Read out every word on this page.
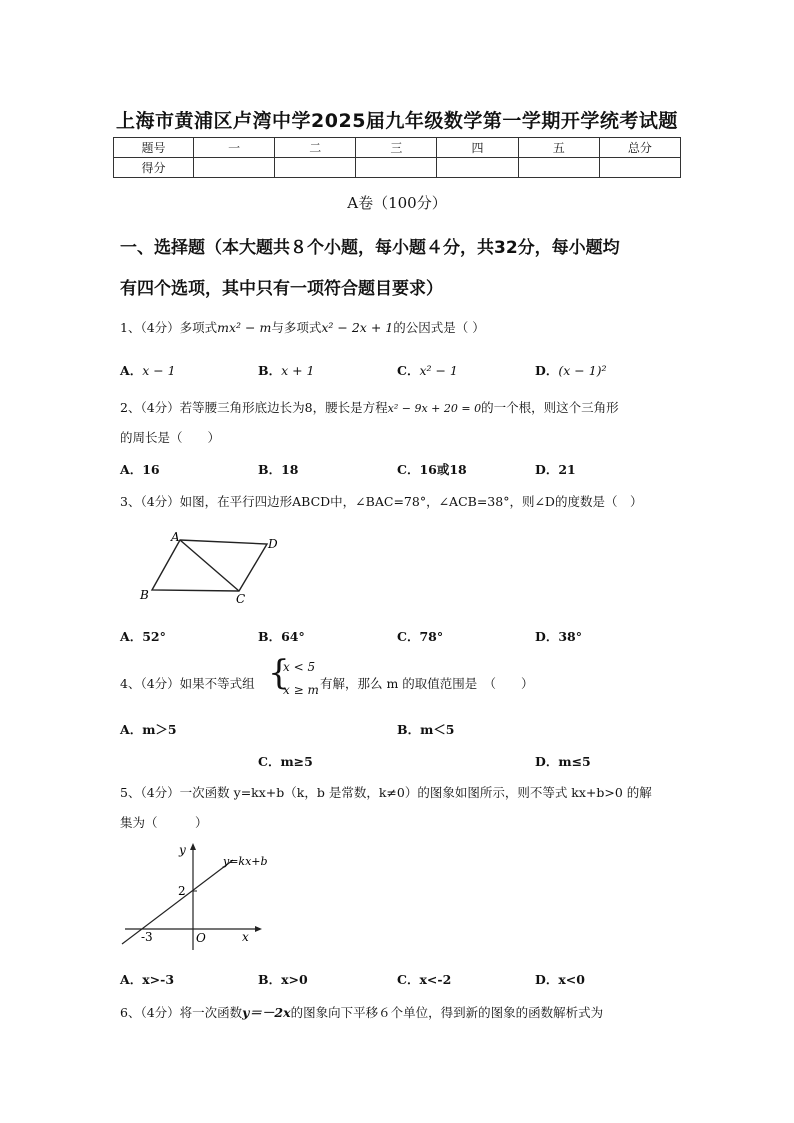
上海市黄浦区卢湾中学2025届九年级数学第一学期开学统考试题
题号	一	二	三	四	五	总分
得分						
A卷（100分）
一、选择题（本大题共８个小题，每小题４分，共32分，每小题均
有四个选项，其中只有一项符合题目要求）
1、（4分）多项式mx² − m与多项式x² − 2x + 1的公因式是（ ）
A．x − 1	B．x + 1	C．x² − 1	D．(x − 1)²
2、（4分）若等腰三角形底边长为8，腰长是方程x² − 9x + 20 = 0的一个根，则这个三角形
的周长是（　　）
A．16	B．18	C．16或18	D．21
3、（4分）如图，在平行四边形ABCD中，∠BAC=78°，∠ACB=38°，则∠D的度数是（　）
A	D
B	C
A．52°	B．64°	C．78°	D．38°
4、（4分）如果不等式组 {
x < 5
x ≥ m 有解，那么 m 的取值范围是　（　　）
A．m＞5	B．m＜5
C．m≥5	D．m≤5
5、（4分）一次函数 y=kx+b（k，b 是常数，k≠0）的图象如图所示，则不等式 kx+b>0 的解
集为（　　　）
y
x
O
y=kx+b
2
-3
A．x>-3	B．x>0	C．x<-2	D．x<0
6、（4分）将一次函数y＝－2x的图象向下平移６个单位，得到新的图象的函数解析式为
